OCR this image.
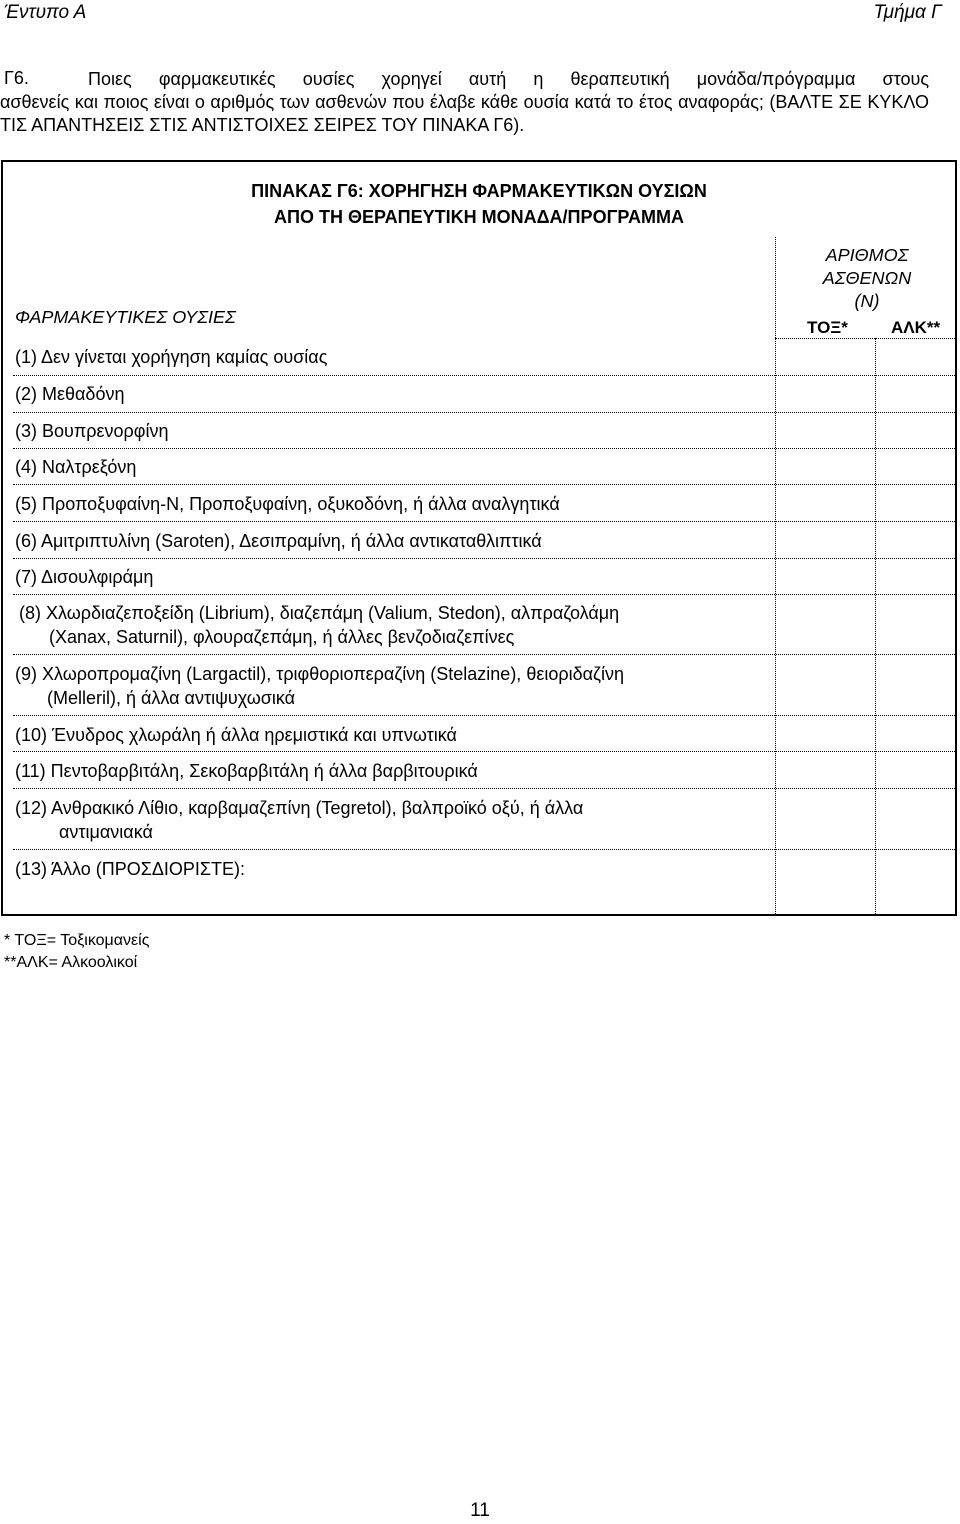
Έντυπο Α	Τμήμα Γ
Γ6.	Ποιες φαρμακευτικές ουσίες χορηγεί αυτή η θεραπευτική μονάδα/πρόγραμμα στους
ασθενείς και ποιος είναι ο αριθμός των ασθενών που έλαβε κάθε ουσία κατά το έτος αναφοράς; (ΒΑΛΤΕ ΣΕ ΚΥΚΛΟ ΤΙΣ ΑΠΑΝΤΗΣΕΙΣ ΣΤΙΣ ΑΝΤΙΣΤΟΙΧΕΣ ΣΕΙΡΕΣ ΤΟΥ ΠΙΝΑΚΑ Γ6).
ΠΙΝΑΚΑΣ Γ6: ΧΟΡΗΓΗΣΗ ΦΑΡΜΑΚΕΥΤΙΚΩΝ ΟΥΣΙΩΝ
ΑΠΟ ΤΗ ΘΕΡΑΠΕΥΤΙΚΗ ΜΟΝΑΔΑ/ΠΡΟΓΡΑΜΜΑ
ΦΑΡΜΑΚΕΥΤΙΚΕΣ ΟΥΣΙΕΣ
ΑΡΙΘΜΟΣ
ΑΣΘΕΝΩΝ
(Ν)
ΤΟΞ*	ΑΛΚ**
(1) Δεν γίνεται χορήγηση καμίας ουσίας
(2) Μεθαδόνη
(3) Βουπρενορφίνη
(4) Ναλτρεξόνη
(5) Προποξυφαίνη-Ν, Προποξυφαίνη, οξυκοδόνη, ή άλλα αναλγητικά
(6) Αμιτριπτυλίνη (Saroten), Δεσιπραμίνη, ή άλλα αντικαταθλιπτικά
(7) Δισουλφιράμη
(8) Χλωρδιαζεποξείδη (Librium), διαζεπάμη (Valium, Stedon), αλπραζολάμη
(Xanax, Saturnil), φλουραζεπάμη, ή άλλες βενζοδιαζεπίνες
(9) Χλωροπρομαζίνη (Largactil), τριφθοριοπεραζίνη (Stelazine), θειοριδαζίνη
(Melleril), ή άλλα αντιψυχωσικά
(10) Ένυδρος χλωράλη ή άλλα ηρεμιστικά και υπνωτικά
(11) Πεντοβαρβιτάλη, Σεκοβαρβιτάλη ή άλλα βαρβιτουρικά
(12) Ανθρακικό Λίθιο, καρβαμαζεπίνη (Tegretol), βαλπροϊκό οξύ, ή άλλα
αντιμανιακά
(13) Άλλο (ΠΡΟΣΔΙΟΡΙΣΤΕ):
* ΤΟΞ= Τοξικομανείς
**ΑΛΚ= Αλκοολικοί
11
